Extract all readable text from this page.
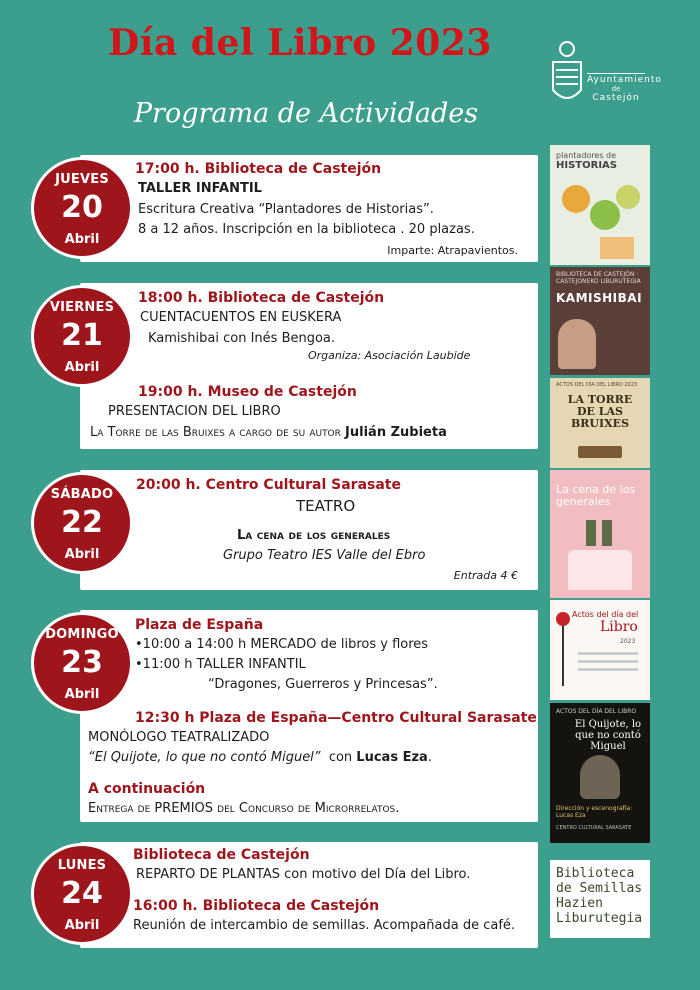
Día del Libro 2023
Programa de Actividades
Ayuntamiento
de
Castejón
17:00 h. Biblioteca de Castejón
TALLER INFANTIL
Escritura Creativa “Plantadores de Historias”.
8 a 12 años. Inscripción en la biblioteca . 20 plazas.
Imparte: Atrapavientos.
JUEVES
20
Abril
18:00 h. Biblioteca de Castejón
CUENTACUENTOS EN EUSKERA
Kamishibai con Inés Bengoa.
Organiza: Asociación Laubide
19:00 h. Museo de Castejón
PRESENTACION DEL LIBRO
La Torre de las Bruixes a cargo de su autor Julián Zubieta
VIERNES
21
Abril
20:00 h. Centro Cultural Sarasate
TEATRO
La cena de los generales
Grupo Teatro IES Valle del Ebro
Entrada 4 €
SÁBADO
22
Abril
Plaza de España
•10:00 a 14:00 h MERCADO de libros y flores
•11:00 h TALLER INFANTIL
“Dragones, Guerreros y Princesas”.
12:30 h Plaza de España—Centro Cultural Sarasate
MONÓLOGO TEATRALIZADO
“El Quijote, lo que no contó Miguel” con Lucas Eza.
A continuación
Entrega de PREMIOS del Concurso de Microrrelatos.
DOMINGO
23
Abril
Biblioteca de Castejón
REPARTO DE PLANTAS con motivo del Día del Libro.
16:00 h. Biblioteca de Castejón
Reunión de intercambio de semillas. Acompañada de café.
LUNES
24
Abril
plantadores de
HISTORIAS
BIBLIOTECA DE CASTEJÓN · CASTEJONEKO LIBURUTEGIA
KAMISHIBAI
ACTOS DEL DÍA DEL LIBRO 2023
LA TORRE DE LAS BRUIXES
La cena de los generales
Actos del día del
Libro
2023
ACTOS DEL DÍA DEL LIBRO
El Quijote, lo que no contó Miguel
Dirección y escenografía: Lucas Eza
CENTRO CULTURAL SARASATE
Biblioteca
de Semillas
Hazien
Liburutegia
